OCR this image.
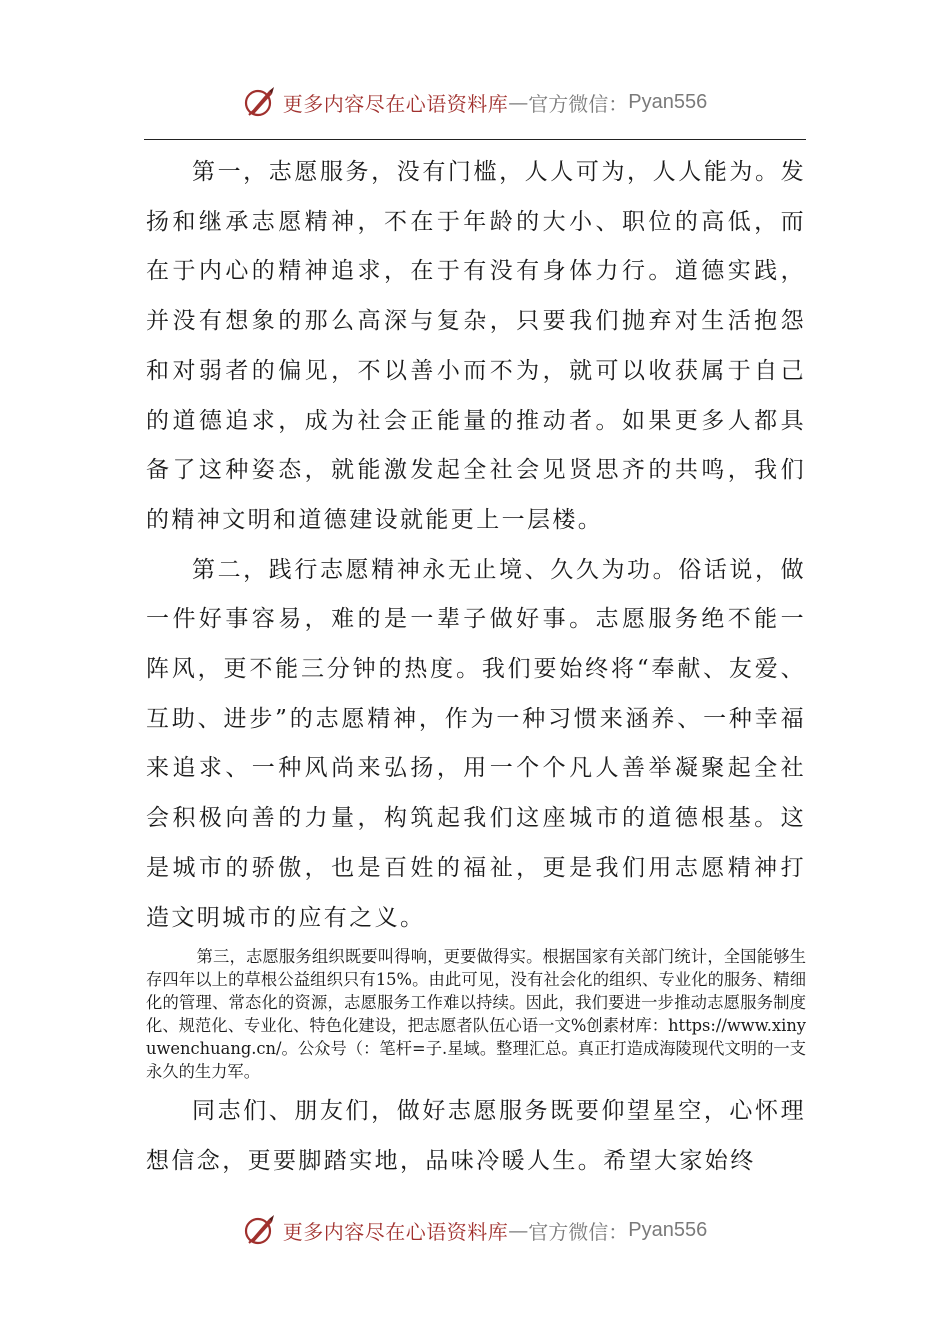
更多内容尽在心语资料库 — 官方微信： Pyan556

第一，志愿服务，没有门槛，人人可为，人人能为。发扬和继承志愿精神，不在于年龄的大小、职位的高低，而在于内心的精神追求，在于有没有身体力行。道德实践，并没有想象的那么高深与复杂，只要我们抛弃对生活抱怨和对弱者的偏见，不以善小而不为，就可以收获属于自己的道德追求，成为社会正能量的推动者。如果更多人都具备了这种姿态，就能激发起全社会见贤思齐的共鸣，我们的精神文明和道德建设就能更上一层楼。

第二，践行志愿精神永无止境、久久为功。俗话说，做一件好事容易，难的是一辈子做好事。志愿服务绝不能一阵风，更不能三分钟的热度。我们要始终将“奉献、友爱、互助、进步”的志愿精神，作为一种习惯来涵养、一种幸福来追求、一种风尚来弘扬，用一个个凡人善举凝聚起全社会积极向善的力量，构筑起我们这座城市的道德根基。这是城市的骄傲，也是百姓的福祉，更是我们用志愿精神打造文明城市的应有之义。

第三，志愿服务组织既要叫得响，更要做得实。根据国家有关部门统计，全国能够生存四年以上的草根公益组织只有15%。由此可见，没有社会化的组织、专业化的服务、精细化的管理、常态化的资源，志愿服务工作难以持续。因此，我们要进一步推动志愿服务制度化、规范化、专业化、特色化建设，把志愿者队伍心语一文%创素材库：https://www.xinyuwenchuang.cn/。公众号（：笔杆=子.星域。整理汇总。真正打造成海陵现代文明的一支永久的生力军。

同志们、朋友们，做好志愿服务既要仰望星空，心怀理想信念，更要脚踏实地，品味冷暖人生。希望大家始终

更多内容尽在心语资料库 — 官方微信： Pyan556
